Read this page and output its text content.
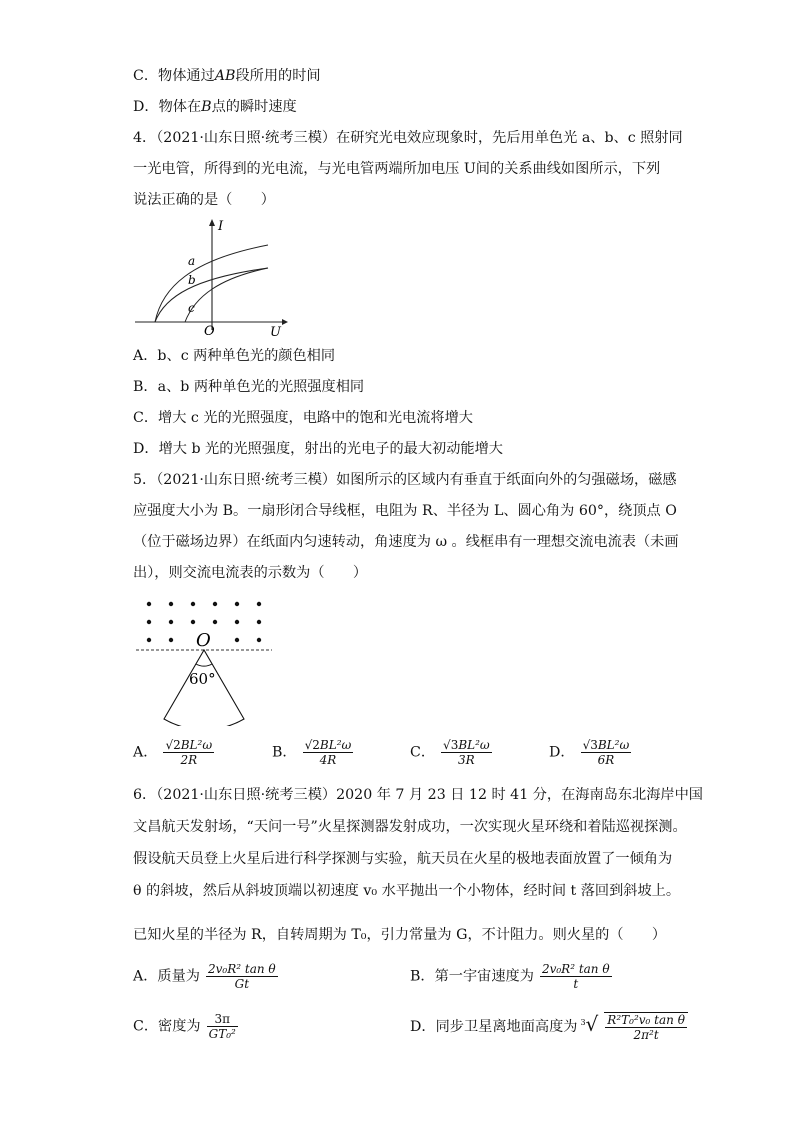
C．物体通过AB段所用的时间
D．物体在B点的瞬时速度
4．（2021·山东日照·统考三模）在研究光电效应现象时，先后用单色光 a、b、c 照射同
一光电管，所得到的光电流，与光电管两端所加电压 U间的关系曲线如图所示，下列
说法正确的是（　　）
I
U
O
a
b
c
A．b、c 两种单色光的颜色相同
B．a、b 两种单色光的光照强度相同
C．增大 c 光的光照强度，电路中的饱和光电流将增大
D．增大 b 光的光照强度，射出的光电子的最大初动能增大
5．（2021·山东日照·统考三模）如图所示的区域内有垂直于纸面向外的匀强磁场，磁感
应强度大小为 B。一扇形闭合导线框，电阻为 R、半径为 L、圆心角为 60°，绕顶点 O
（位于磁场边界）在纸面内匀速转动，角速度为 ω 。线框串有一理想交流电流表（未画
出），则交流电流表的示数为（　　）
O
60°
A． $\frac{\text{√2BL²ω}}{2R}$	B． $\frac{\text{√2BL²ω}}{4R}$	C． $\frac{\text{√3BL²ω}}{3R}$	D． $\frac{\text{√3BL²ω}}{6R}$
6．（2021·山东日照·统考三模）2020 年 7 月 23 日 12 时 41 分，在海南岛东北海岸中国
文昌航天发射场，“天问一号”火星探测器发射成功，一次实现火星环绕和着陆巡视探测。
假设航天员登上火星后进行科学探测与实验，航天员在火星的极地表面放置了一倾角为
θ 的斜坡，然后从斜坡顶端以初速度 v₀ 水平抛出一个小物体，经时间 t 落回到斜坡上。
已知火星的半径为 R，自转周期为 T₀，引力常量为 G，不计阻力。则火星的（　　）
A．质量为 $\frac{\text{2v₀R² tan θ}}{Gt}$	B．第一宇宙速度为 $\frac{\text{2v₀R² tan θ}}{t}$
C．密度为 $\frac{3\pi}{\text{GT₀²}}$	D．同步卫星离地面高度为 $^3√ \frac{\text{R²T₀²v₀ tan θ}}{\text{2π²t}}$
